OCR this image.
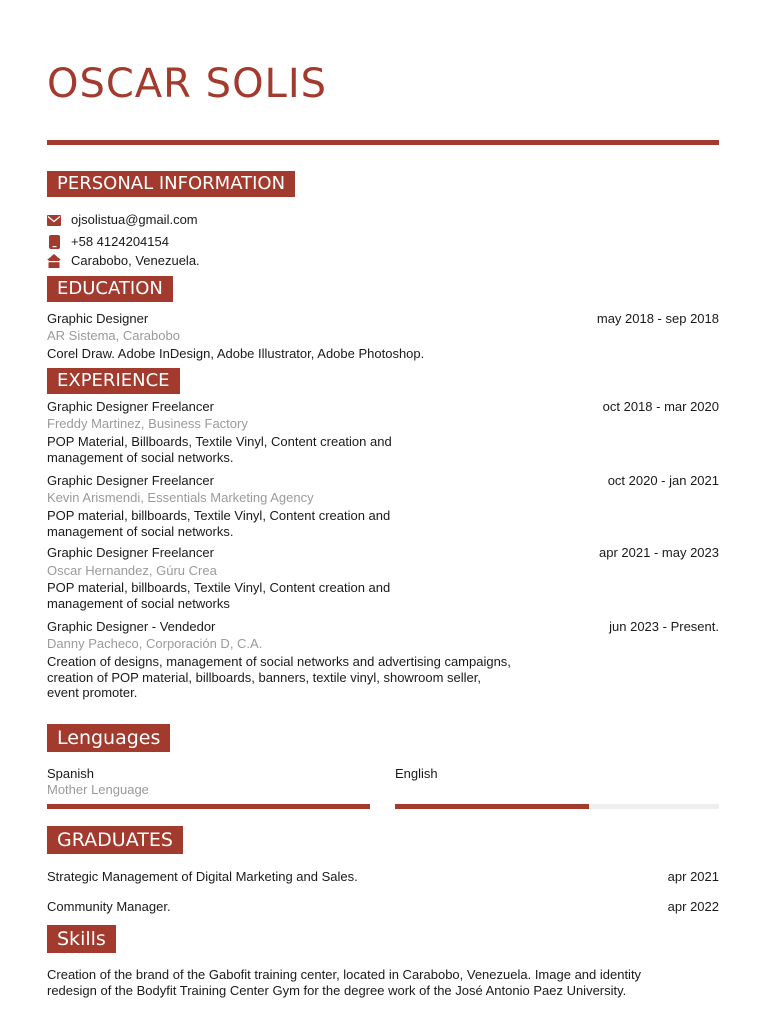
OSCAR SOLIS
PERSONAL INFORMATION
ojsolistua@gmail.com
+58 4124204154
Carabobo, Venezuela.
EDUCATION
Graphic Designer	may 2018 - sep 2018
AR Sistema, Carabobo
Corel Draw. Adobe InDesign, Adobe Illustrator, Adobe Photoshop.
EXPERIENCE
Graphic Designer Freelancer	oct 2018 - mar 2020
Freddy Martinez, Business Factory
POP Material, Billboards, Textile Vinyl, Content creation and
management of social networks.
Graphic Designer Freelancer	oct 2020 - jan 2021
Kevin Arismendi, Essentials Marketing Agency
POP material, billboards, Textile Vinyl, Content creation and
management of social networks.
Graphic Designer Freelancer	apr 2021 - may 2023
Oscar Hernandez, Gúru Crea
POP material, billboards, Textile Vinyl, Content creation and
management of social networks
Graphic Designer - Vendedor	jun 2023 - Present.
Danny Pacheco, Corporación D, C.A.
Creation of designs, management of social networks and advertising campaigns,
creation of POP material, billboards, banners, textile vinyl, showroom seller,
event promoter.
Lenguages
Spanish
Mother Lenguage
English
GRADUATES
Strategic Management of Digital Marketing and Sales.	apr 2021
Community Manager.	apr 2022
Skills
Creation of the brand of the Gabofit training center, located in Carabobo, Venezuela. Image and identity
redesign of the Bodyfit Training Center Gym for the degree work of the José Antonio Paez University.
